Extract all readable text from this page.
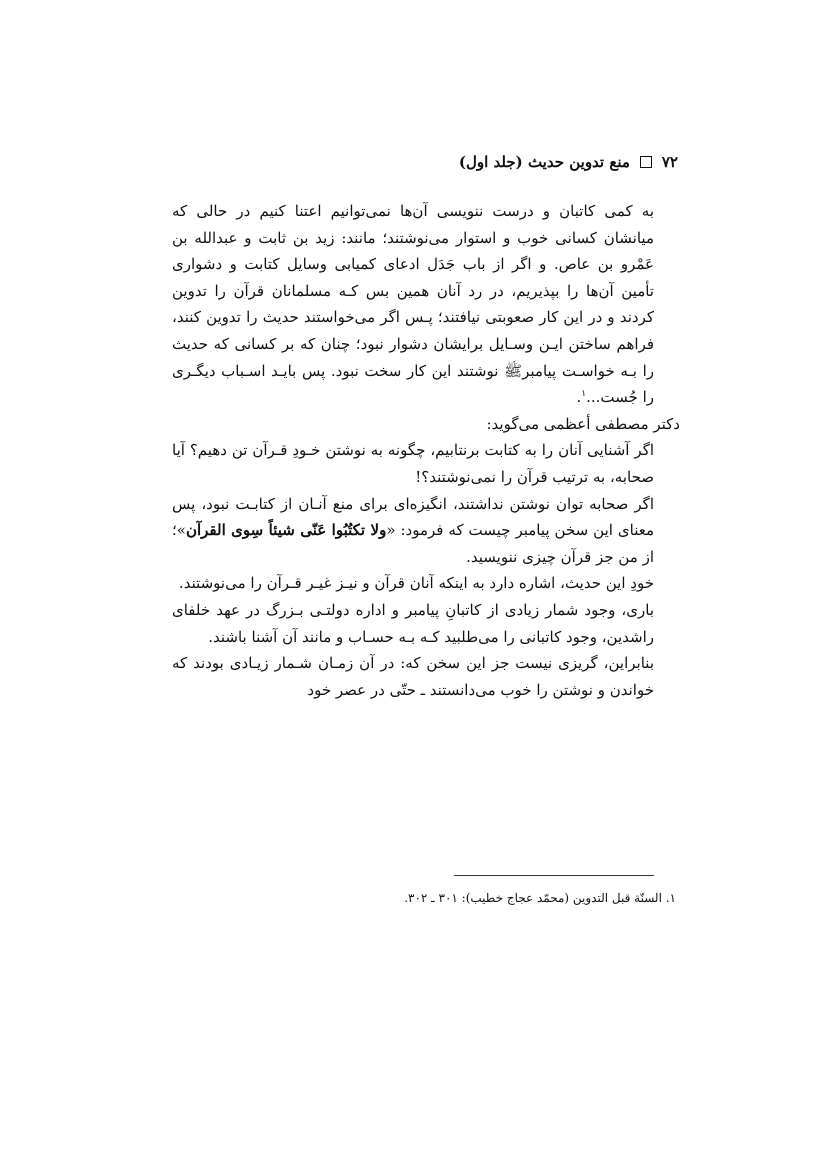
۷۲
منع تدوین حدیث (جلد اول)

به کمی کاتبان و درست ننویسی آن‌ها نمی‌توانیم اعتنا کنیم در حالی که میانشان کسانی خوب و استوار می‌نوشتند؛ مانند: زید بن ثابت و عبدالله بن عَمْرو بن عاص. و اگر از باب جَدَل ادعای کمیابی وسایل کتابت و دشواری تأمین آن‌ها را بپذیریم، در رد آنان همین بس کـه مسلمانان قرآن را تدوین کردند و در این کار صعوبتی نیافتند؛ پـس اگر می‌خواستند حدیث را تدوین کنند، فراهم ساختن ایـن وسـایل برایشان دشوار نبود؛ چنان که بر کسانی که حدیث را بـه خواسـت پیامبرﷺ نوشتند این کار سخت نبود. پس بایـد اسـباب دیگـری را جُست...$^۱$.

دکتر مصطفی أعظمی می‌گوید:

اگر آشنایی آنان را به کتابت برنتابیم، چگونه به نوشتن خـودِ قـرآن تن دهیم؟ آیا صحابه، به ترتیب قرآن را نمی‌نوشتند؟!

اگر صحابه توان نوشتن نداشتند، انگیزه‌ای برای منع آنـان از کتابـت نبود، پس معنای این سخن پیامبر چیست که فرمود: «ولا تکتُبُوا عَنّی شیئاً سِوی القرآن»؛ از من جز قرآن چیزی ننویسید.

خودِ این حدیث، اشاره دارد به اینکه آنان قرآن و نیـز غیـر قـرآن را می‌نوشتند.

باری، وجود شمار زیادی از کاتبانِ پیامبر و اداره دولتـی بـزرگ در عهد خلفای راشدین، وجود کاتبانی را می‌طلبید کـه بـه حسـاب و مانند آن آشنا باشند.

بنابراین، گریزی نیست جز این سخن که: در آن زمـان شـمار زیـادی بودند که خواندن و نوشتن را خوب می‌دانستند ـ حتّی در عصر خود

۱. السنّة قبل التدوین (محمّد عجاج خطیب): ۳۰۱ ـ ۳۰۲.
